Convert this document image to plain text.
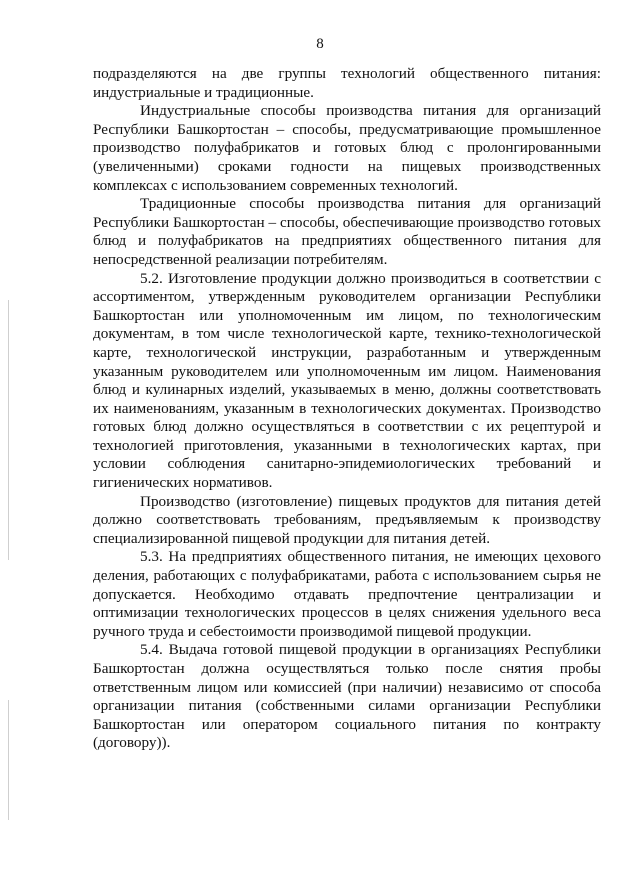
8

подразделяются на две группы технологий общественного питания: индустриальные и традиционные.

Индустриальные способы производства питания для организаций Республики Башкортостан – способы, предусматривающие промышленное производство полуфабрикатов и готовых блюд с пролонгированными (увеличенными) сроками годности на пищевых производственных комплексах с использованием современных технологий.

Традиционные способы производства питания для организаций Республики Башкортостан – способы, обеспечивающие производство готовых блюд и полуфабрикатов на предприятиях общественного питания для непосредственной реализации потребителям.

5.2. Изготовление продукции должно производиться в соответствии с ассортиментом, утвержденным руководителем организации Республики Башкортостан или уполномоченным им лицом, по технологическим документам, в том числе технологической карте, технико-технологической карте, технологической инструкции, разработанным и утвержденным указанным руководителем или уполномоченным им лицом. Наименования блюд и кулинарных изделий, указываемых в меню, должны соответствовать их наименованиям, указанным в технологических документах. Производство готовых блюд должно осуществляться в соответствии с их рецептурой и технологией приготовления, указанными в технологических картах, при условии соблюдения санитарно-эпидемиологических требований и гигиенических нормативов.

Производство (изготовление) пищевых продуктов для питания детей должно соответствовать требованиям, предъявляемым к производству специализированной пищевой продукции для питания детей.

5.3. На предприятиях общественного питания, не имеющих цехового деления, работающих с полуфабрикатами, работа с использованием сырья не допускается. Необходимо отдавать предпочтение централизации и оптимизации технологических процессов в целях снижения удельного веса ручного труда и себестоимости производимой пищевой продукции.

5.4. Выдача готовой пищевой продукции в организациях Республики Башкортостан должна осуществляться только после снятия пробы ответственным лицом или комиссией (при наличии) независимо от способа организации питания (собственными силами организации Республики Башкортостан или оператором социального питания по контракту (договору)).
